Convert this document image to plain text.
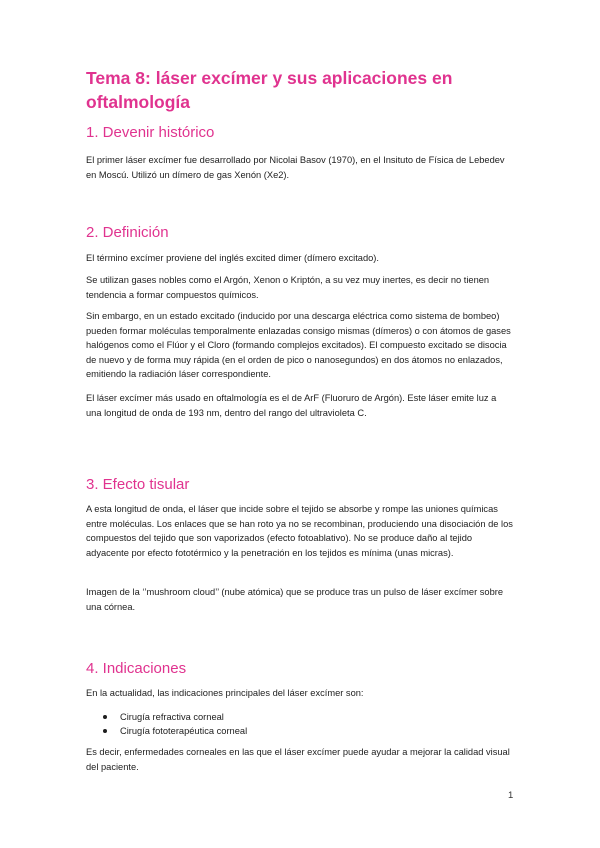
Tema 8: láser excímer y sus aplicaciones en oftalmología
1. Devenir histórico

El primer láser excímer fue desarrollado por Nicolai Basov (1970), en el Insituto de Física de Lebedev en Moscú. Utilizó un dímero de gas Xenón (Xe2).

2. Definición

El término excímer proviene del inglés excited dimer (dímero excitado).

Se utilizan gases nobles como el Argón, Xenon o Kriptón, a su vez muy inertes, es decir no tienen tendencia a formar compuestos químicos.

Sin embargo, en un estado excitado (inducido por una descarga eléctrica como sistema de bombeo) pueden formar moléculas temporalmente enlazadas consigo mismas (dímeros) o con átomos de gases halógenos como el Flúor y el Cloro (formando complejos excitados). El compuesto excitado se disocia de nuevo y de forma muy rápida (en el orden de pico o nanosegundos) en dos átomos no enlazados, emitiendo la radiación láser correspondiente.

El láser excímer más usado en oftalmología es el de ArF (Fluoruro de Argón). Este láser emite luz a una longitud de onda de 193 nm, dentro del rango del ultravioleta C.

3. Efecto tisular

A esta longitud de onda, el láser que incide sobre el tejido se absorbe y rompe las uniones químicas entre moléculas. Los enlaces que se han roto ya no se recombinan, produciendo una disociación de los compuestos del tejido que son vaporizados (efecto fotoablativo). No se produce daño al tejido adyacente por efecto fototérmico y la penetración en los tejidos es mínima (unas micras).

Imagen de la ‘’mushroom cloud’’ (nube atómica) que se produce tras un pulso de láser excímer sobre una córnea.

4. Indicaciones

En la actualidad, las indicaciones principales del láser excímer son:

Cirugía refractiva corneal
Cirugía fototerapéutica corneal

Es decir, enfermedades corneales en las que el láser excímer puede ayudar a mejorar la calidad visual del paciente.

1
